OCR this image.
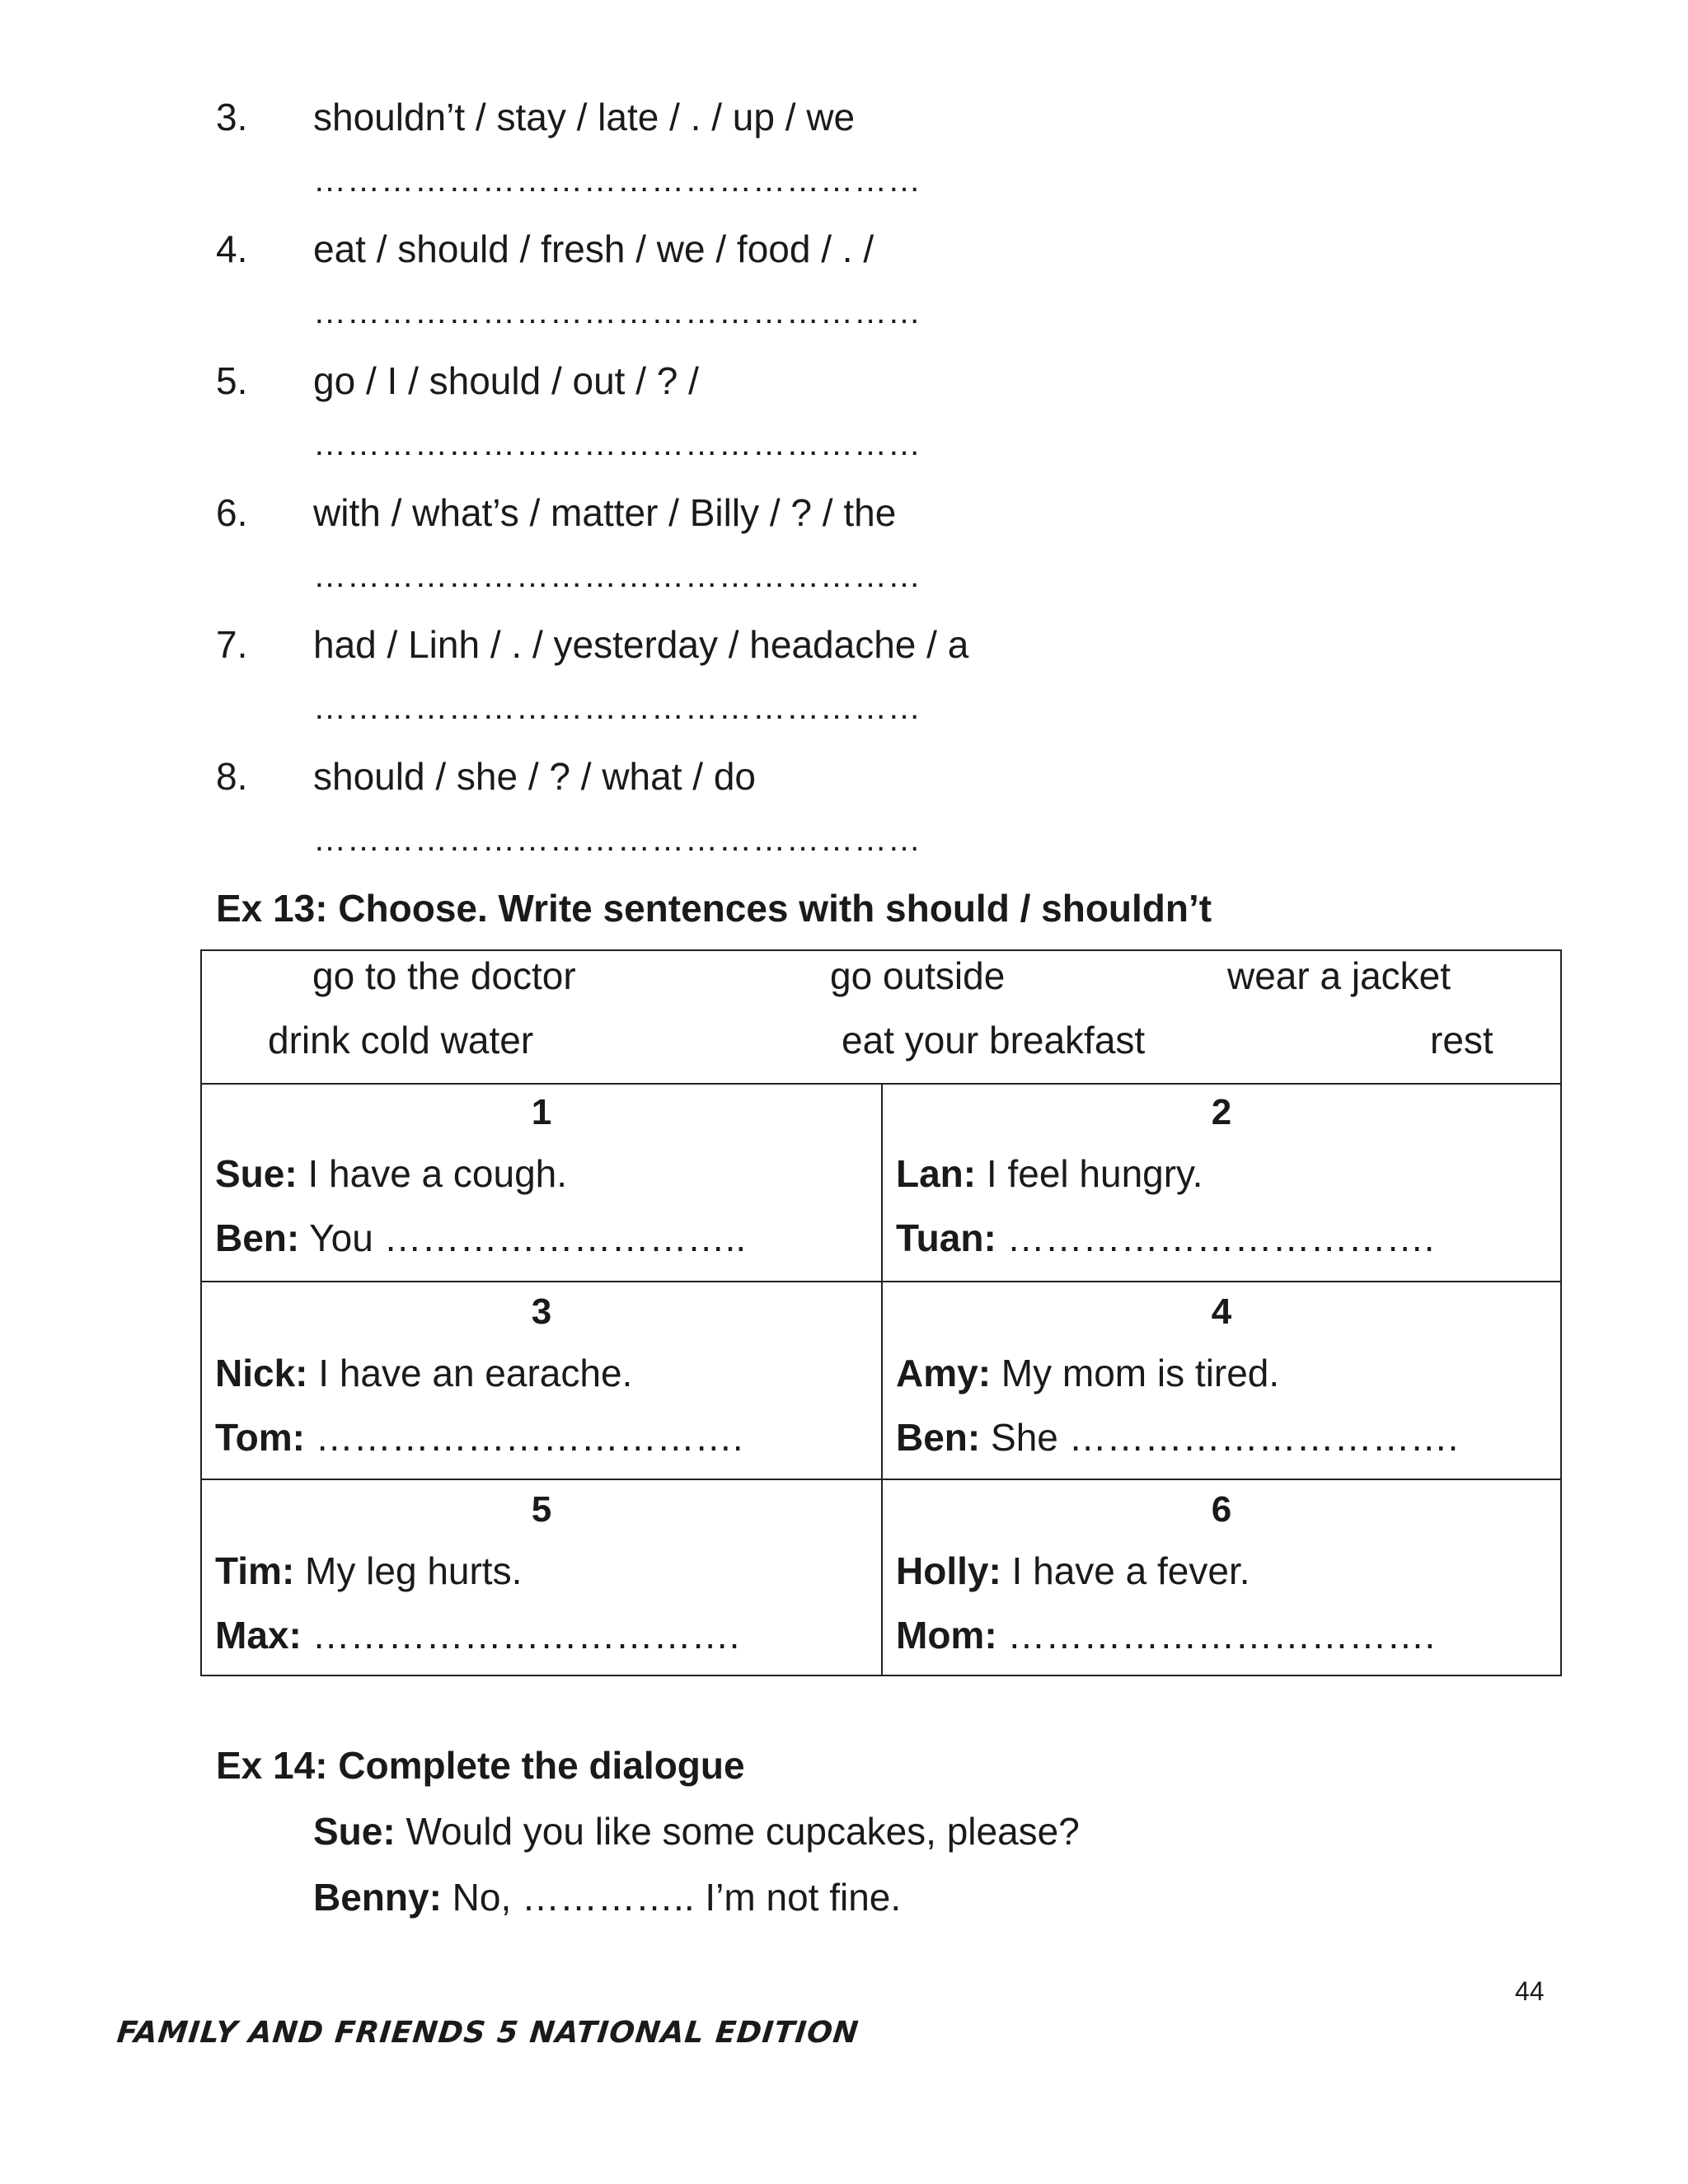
3. shouldn’t / stay / late / . / up / we
………………………………………………
4. eat / should / fresh / we / food / . /
………………………………………………
5. go / I / should / out / ? /
………………………………………………
6. with / what’s / matter / Billy / ? / the
………………………………………………
7. had / Linh / . / yesterday / headache / a
………………………………………………
8. should / she / ? / what / do
………………………………………………
Ex 13: Choose. Write sentences with should / shouldn’t
go to the doctor	go outside	wear a jacket
drink cold water	eat your breakfast	rest
1
Sue: I have a cough.
Ben: You ………………………..
2
Lan: I feel hungry.
Tuan: …………………………….
3
Nick: I have an earache.
Tom: …………………………….
4
Amy: My mom is tired.
Ben: She ………………………….
5
Tim: My leg hurts.
Max: …………………………….
6
Holly: I have a fever.
Mom: …………………………….
Ex 14: Complete the dialogue
Sue: Would you like some cupcakes, please?
Benny: No, ………….. I’m not fine.
44
FAMILY AND FRIENDS 5 NATIONAL EDITION
